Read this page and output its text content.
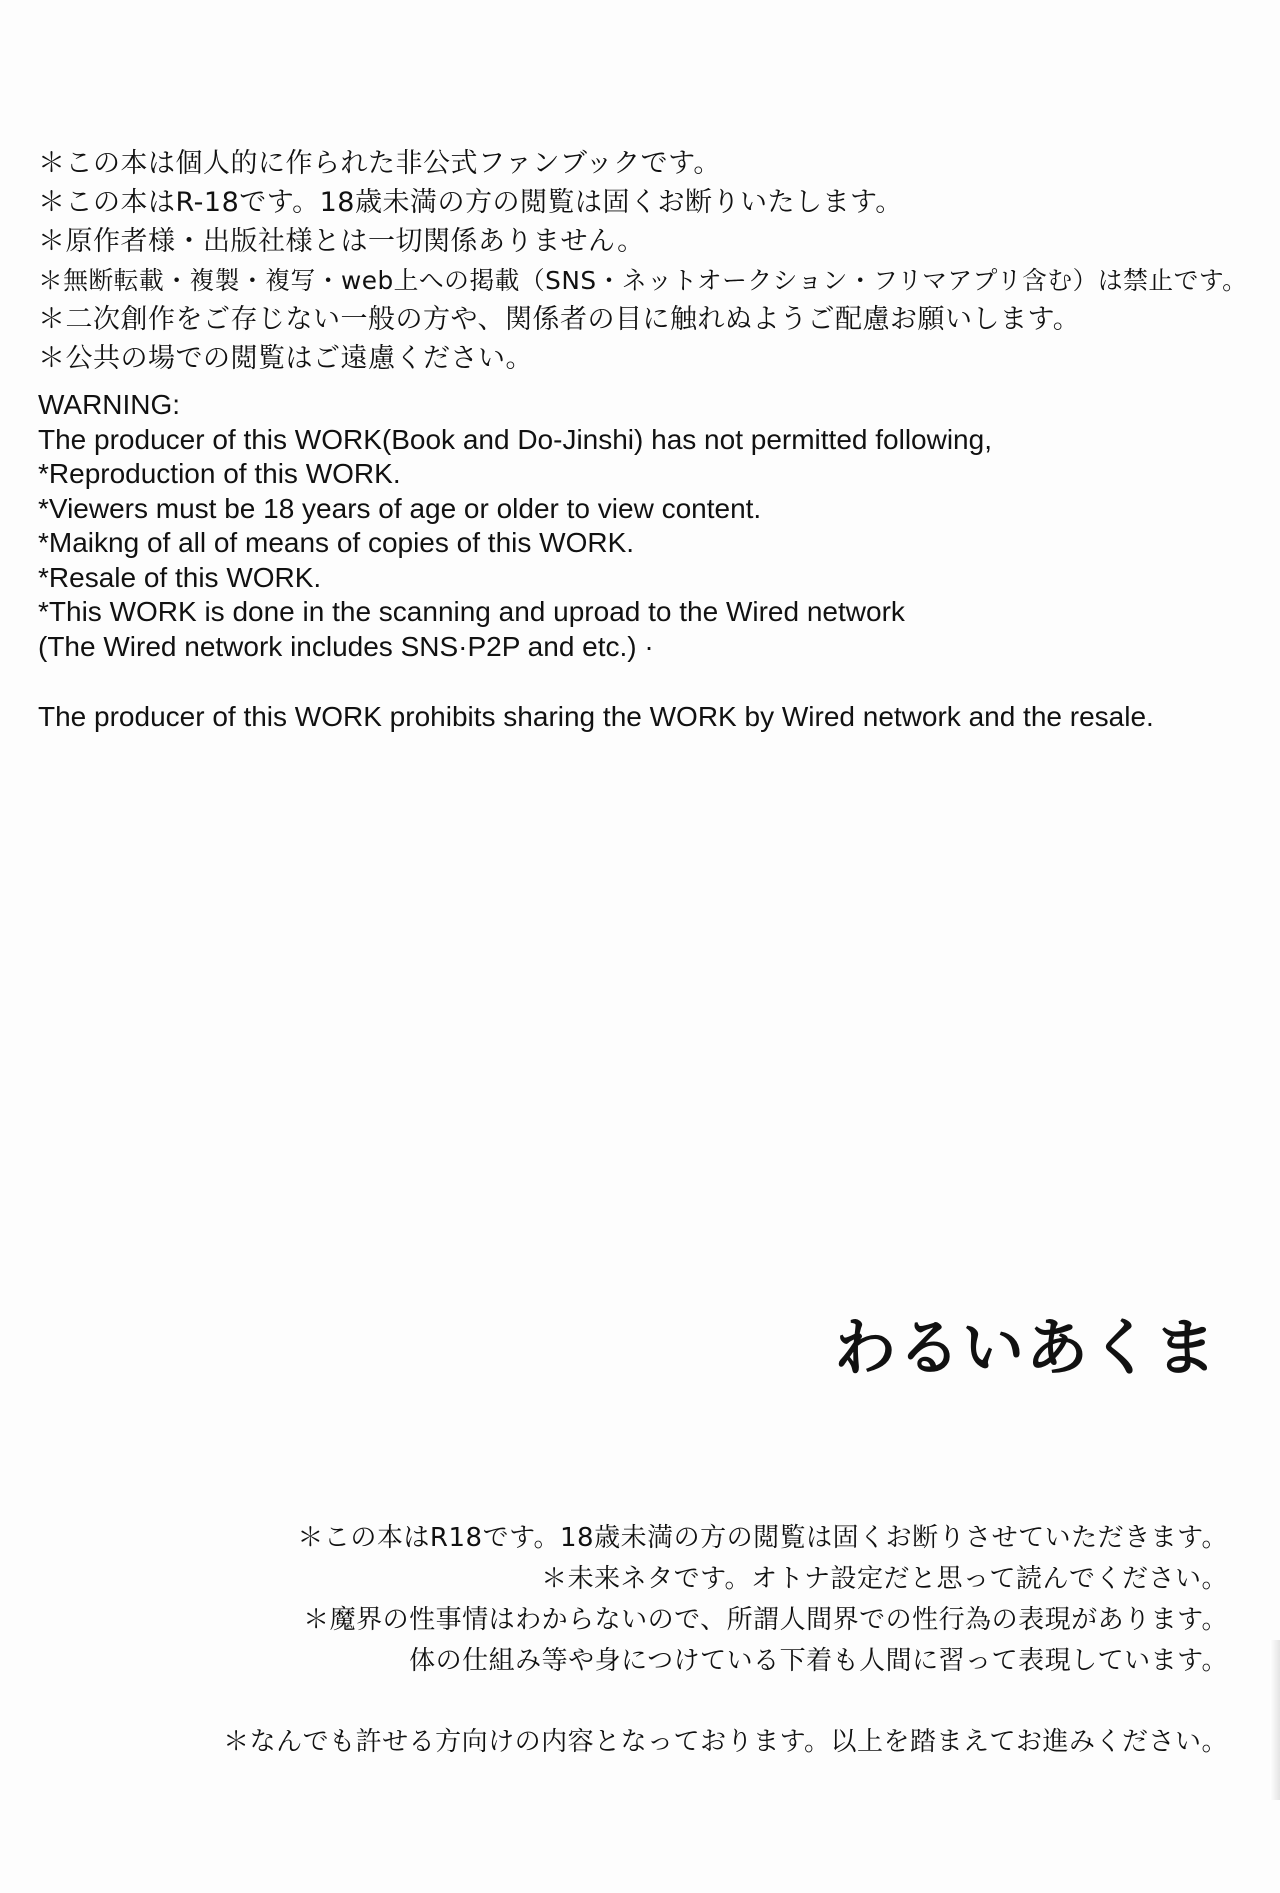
＊この本は個人的に作られた非公式ファンブックです。
＊この本はR-18です。18歳未満の方の閲覧は固くお断りいたします。
＊原作者様・出版社様とは一切関係ありません。
＊無断転載・複製・複写・web上への掲載（SNS・ネットオークション・フリマアプリ含む）は禁止です。
＊二次創作をご存じない一般の方や、関係者の目に触れぬようご配慮お願いします。
＊公共の場での閲覧はご遠慮ください。
WARNING:
The producer of this WORK(Book and Do-Jinshi) has not permitted following,
*Reproduction of this WORK.
*Viewers must be 18 years of age or older to view content.
*Maikng of all of means of copies of this WORK.
*Resale of this WORK.
*This WORK is done in the scanning and uproad to the Wired network
(The Wired network includes SNS·P2P and etc.) ·
The producer of this WORK prohibits sharing the WORK by Wired network and the resale.
わるいあくま
＊この本はR18です。18歳未満の方の閲覧は固くお断りさせていただきます。
＊未来ネタです。オトナ設定だと思って読んでください。
＊魔界の性事情はわからないので、所謂人間界での性行為の表現があります。
体の仕組み等や身につけている下着も人間に習って表現しています。
＊なんでも許せる方向けの内容となっております。以上を踏まえてお進みください。
